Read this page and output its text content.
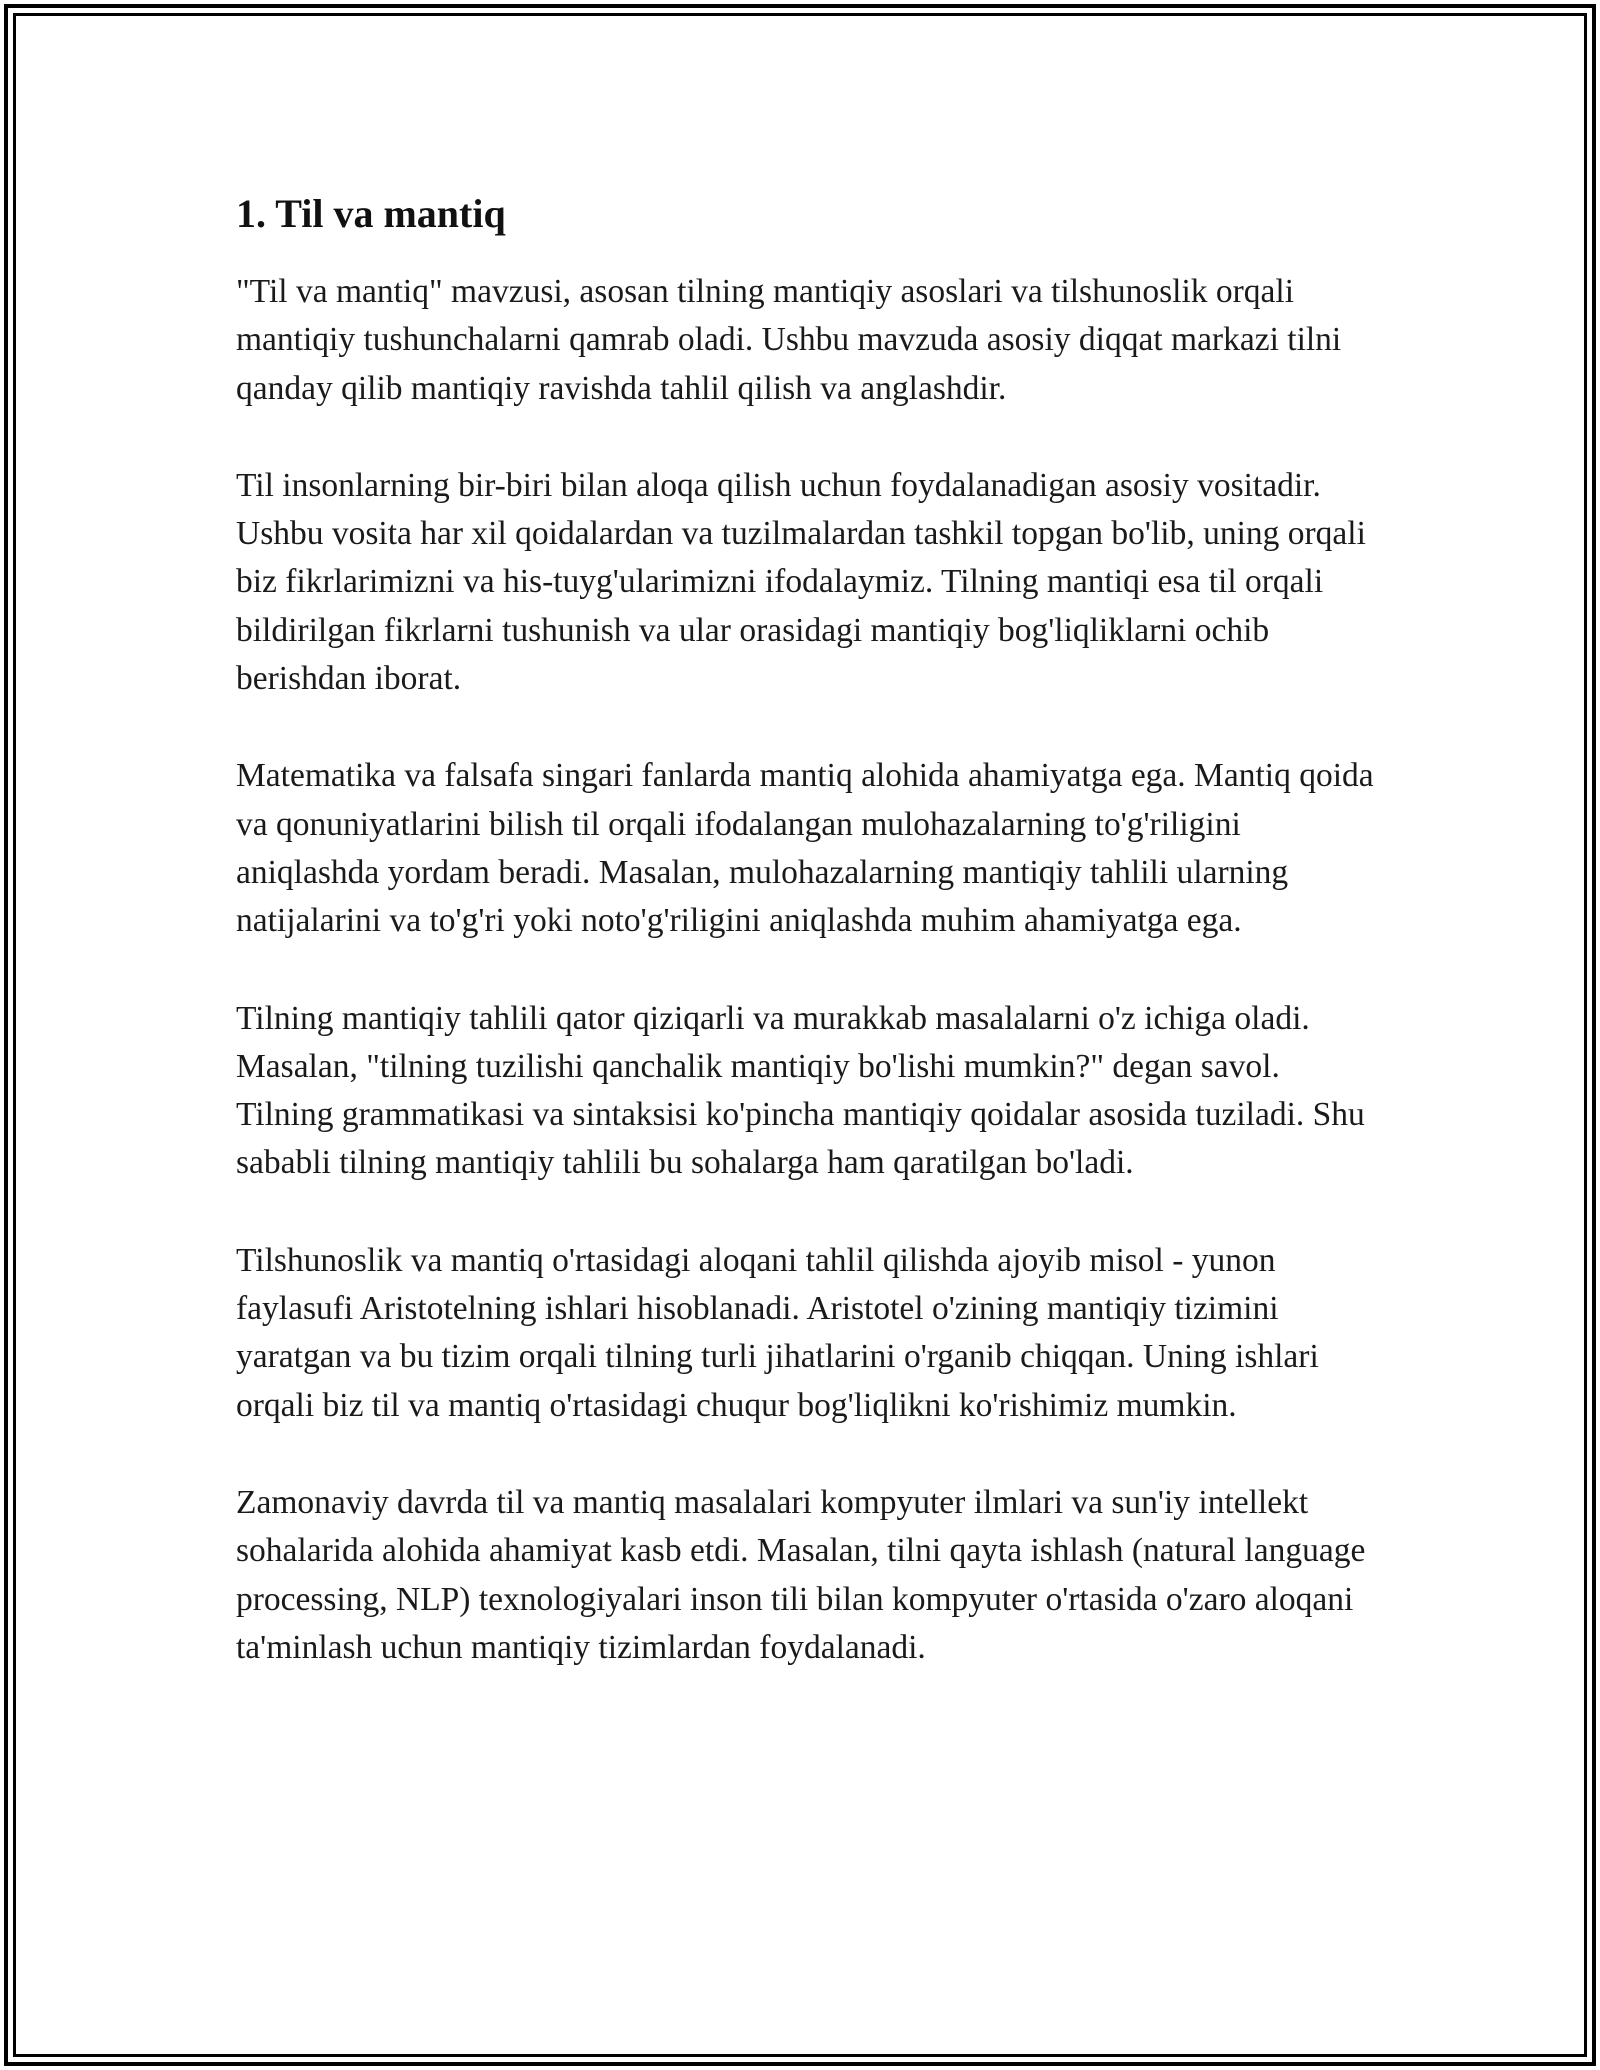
1. Til va mantiq

"Til va mantiq" mavzusi, asosan tilning mantiqiy asoslari va tilshunoslik orqali mantiqiy tushunchalarni qamrab oladi. Ushbu mavzuda asosiy diqqat markazi tilni qanday qilib mantiqiy ravishda tahlil qilish va anglashdir.

Til insonlarning bir-biri bilan aloqa qilish uchun foydalanadigan asosiy vositadir. Ushbu vosita har xil qoidalardan va tuzilmalardan tashkil topgan bo'lib, uning orqali biz fikrlarimizni va his-tuyg'ularimizni ifodalaymiz. Tilning mantiqi esa til orqali bildirilgan fikrlarni tushunish va ular orasidagi mantiqiy bog'liqliklarni ochib berishdan iborat.

Matematika va falsafa singari fanlarda mantiq alohida ahamiyatga ega. Mantiq qoida va qonuniyatlarini bilish til orqali ifodalangan mulohazalarning to'g'riligini aniqlashda yordam beradi. Masalan, mulohazalarning mantiqiy tahlili ularning natijalarini va to'g'ri yoki noto'g'riligini aniqlashda muhim ahamiyatga ega.

Tilning mantiqiy tahlili qator qiziqarli va murakkab masalalarni o'z ichiga oladi. Masalan, "tilning tuzilishi qanchalik mantiqiy bo'lishi mumkin?" degan savol. Tilning grammatikasi va sintaksisi ko'pincha mantiqiy qoidalar asosida tuziladi. Shu sababli tilning mantiqiy tahlili bu sohalarga ham qaratilgan bo'ladi.

Tilshunoslik va mantiq o'rtasidagi aloqani tahlil qilishda ajoyib misol - yunon faylasufi Aristotelning ishlari hisoblanadi. Aristotel o'zining mantiqiy tizimini yaratgan va bu tizim orqali tilning turli jihatlarini o'rganib chiqqan. Uning ishlari orqali biz til va mantiq o'rtasidagi chuqur bog'liqlikni ko'rishimiz mumkin.

Zamonaviy davrda til va mantiq masalalari kompyuter ilmlari va sun'iy intellekt sohalarida alohida ahamiyat kasb etdi. Masalan, tilni qayta ishlash (natural language processing, NLP) texnologiyalari inson tili bilan kompyuter o'rtasida o'zaro aloqani ta'minlash uchun mantiqiy tizimlardan foydalanadi.
